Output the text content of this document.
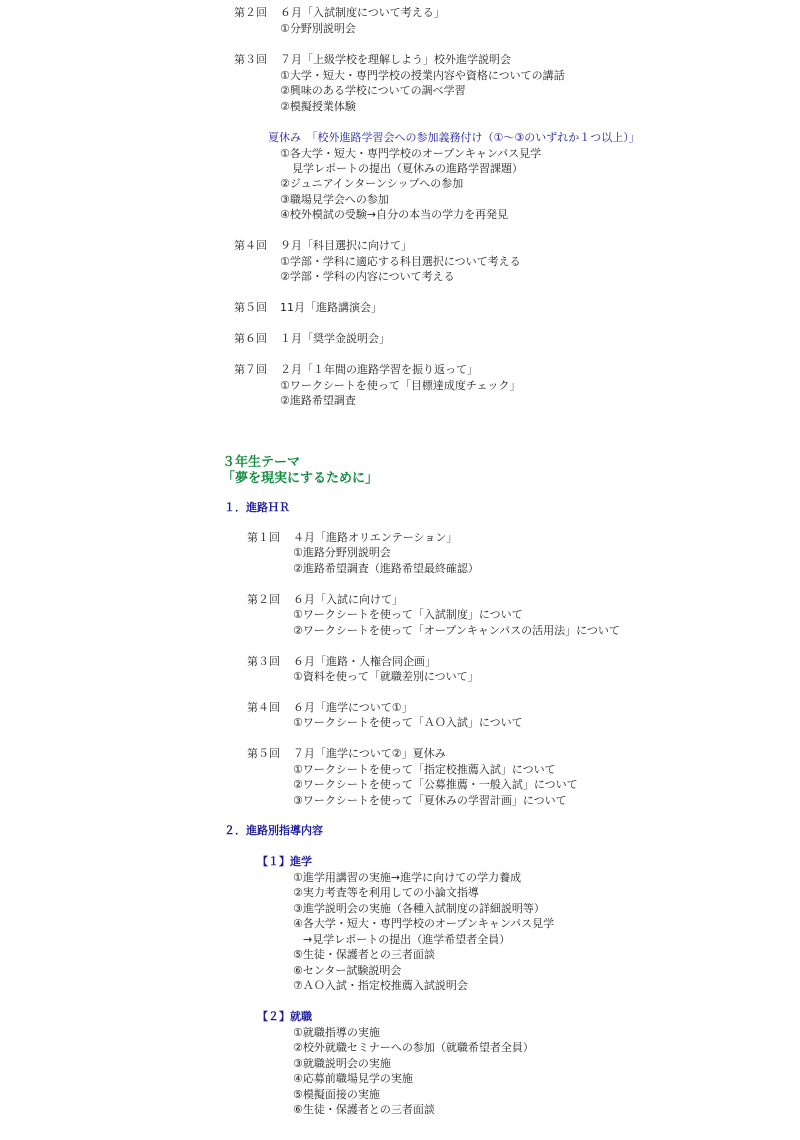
第２回 ６月「入試制度について考える」
①分野別説明会
第３回 ７月「上級学校を理解しよう」校外進学説明会
①大学・短大・専門学校の授業内容や資格についての講話
②興味のある学校についての調べ学習
②模擬授業体験
夏休み　「校外進路学習会への参加義務付け（①〜③のいずれか１つ以上）」
①各大学・短大・専門学校のオープンキャンパス見学
見学レポートの提出（夏休みの進路学習課題）
②ジュニアインターンシップへの参加
③職場見学会への参加
④校外模試の受験→自分の本当の学力を再発見
第４回 ９月「科目選択に向けて」
①学部・学科に適応する科目選択について考える
②学部・学科の内容について考える
第５回 11月「進路講演会」
第６回 １月「奨学金説明会」
第７回 ２月「１年間の進路学習を振り返って」
①ワークシートを使って「目標達成度チェック」
②進路希望調査
３年生テーマ
「夢を現実にするために」
１．進路ＨＲ
第１回 ４月「進路オリエンテーション」
①進路分野別説明会
②進路希望調査（進路希望最終確認）
第２回 ６月「入試に向けて」
①ワークシートを使って「入試制度」について
②ワークシートを使って「オープンキャンパスの活用法」について
第３回 ６月「進路・人権合同企画」
①資料を使って「就職差別について」
第４回 ６月「進学について①」
①ワークシートを使って「ＡＯ入試」について
第５回 ７月「進学について②」夏休み
①ワークシートを使って「指定校推薦入試」について
②ワークシートを使って「公募推薦・一般入試」について
③ワークシートを使って「夏休みの学習計画」について
２．進路別指導内容
【１】進学
①進学用講習の実施→進学に向けての学力養成
②実力考査等を利用しての小論文指導
③進学説明会の実施（各種入試制度の詳細説明等）
④各大学・短大・専門学校のオープンキャンパス見学
→見学レポートの提出（進学希望者全員）
⑤生徒・保護者との三者面談
⑥センター試験説明会
⑦ＡＯ入試・指定校推薦入試説明会
【２】就職
①就職指導の実施
②校外就職セミナーへの参加（就職希望者全員）
③就職説明会の実施
④応募前職場見学の実施
⑤模擬面接の実施
⑥生徒・保護者との三者面談
